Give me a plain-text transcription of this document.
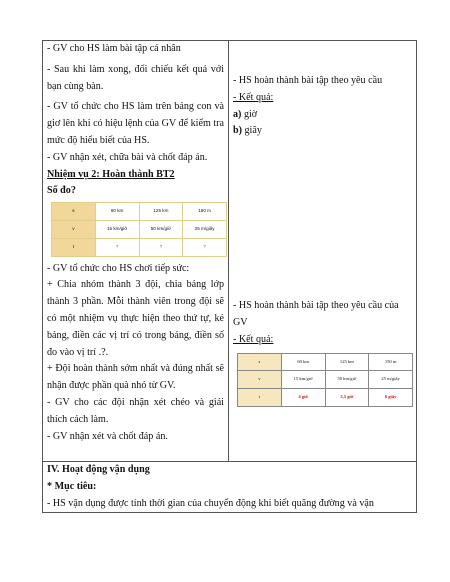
- GV cho HS làm bài tập cá nhân

- Sau khi làm xong, đối chiếu kết quả với bạn cùng bàn.

- GV tổ chức cho HS làm trên bảng con và giơ lên khi có hiệu lệnh của GV để kiểm tra mức độ hiểu biết của HS.

- GV nhận xét, chữa bài và chốt đáp án.

Nhiệm vụ 2: Hoàn thành BT2

Số đo?

s	60 km	125 km	150 m
v	15 km/giờ	50 km/giờ	25 m/giây
t	?	?	?

- GV tổ chức cho HS chơi tiếp sức:

+ Chia nhóm thành 3 đội, chia bảng lớp thành 3 phần. Mỗi thành viên trong đội sẽ có một nhiệm vụ thực hiện theo thứ tự, kẻ bảng, điền các vị trí có trong bảng, điền số đo vào vị trí .?.

+ Đội hoàn thành sớm nhất và đúng nhất sẽ nhận được phần quà nhỏ từ GV.

- GV cho các đội nhận xét chéo và giải thích cách làm.

- GV nhận xét và chốt đáp án.

- HS hoàn thành bài tập theo yêu cầu

- Kết quả:

a) giờ

b) giây

- HS hoàn thành bài tập theo yêu cầu của GV

- Kết quả:

s	60 km	125 km	150 m
v	15 km/giờ	50 km/giờ	25 m/giây
t	4 giờ	2,5 giờ	6 giây

IV. Hoạt động vận dụng

* Mục tiêu:

- HS vận dụng được tính thời gian của chuyển động khi biết quãng đường và vận
